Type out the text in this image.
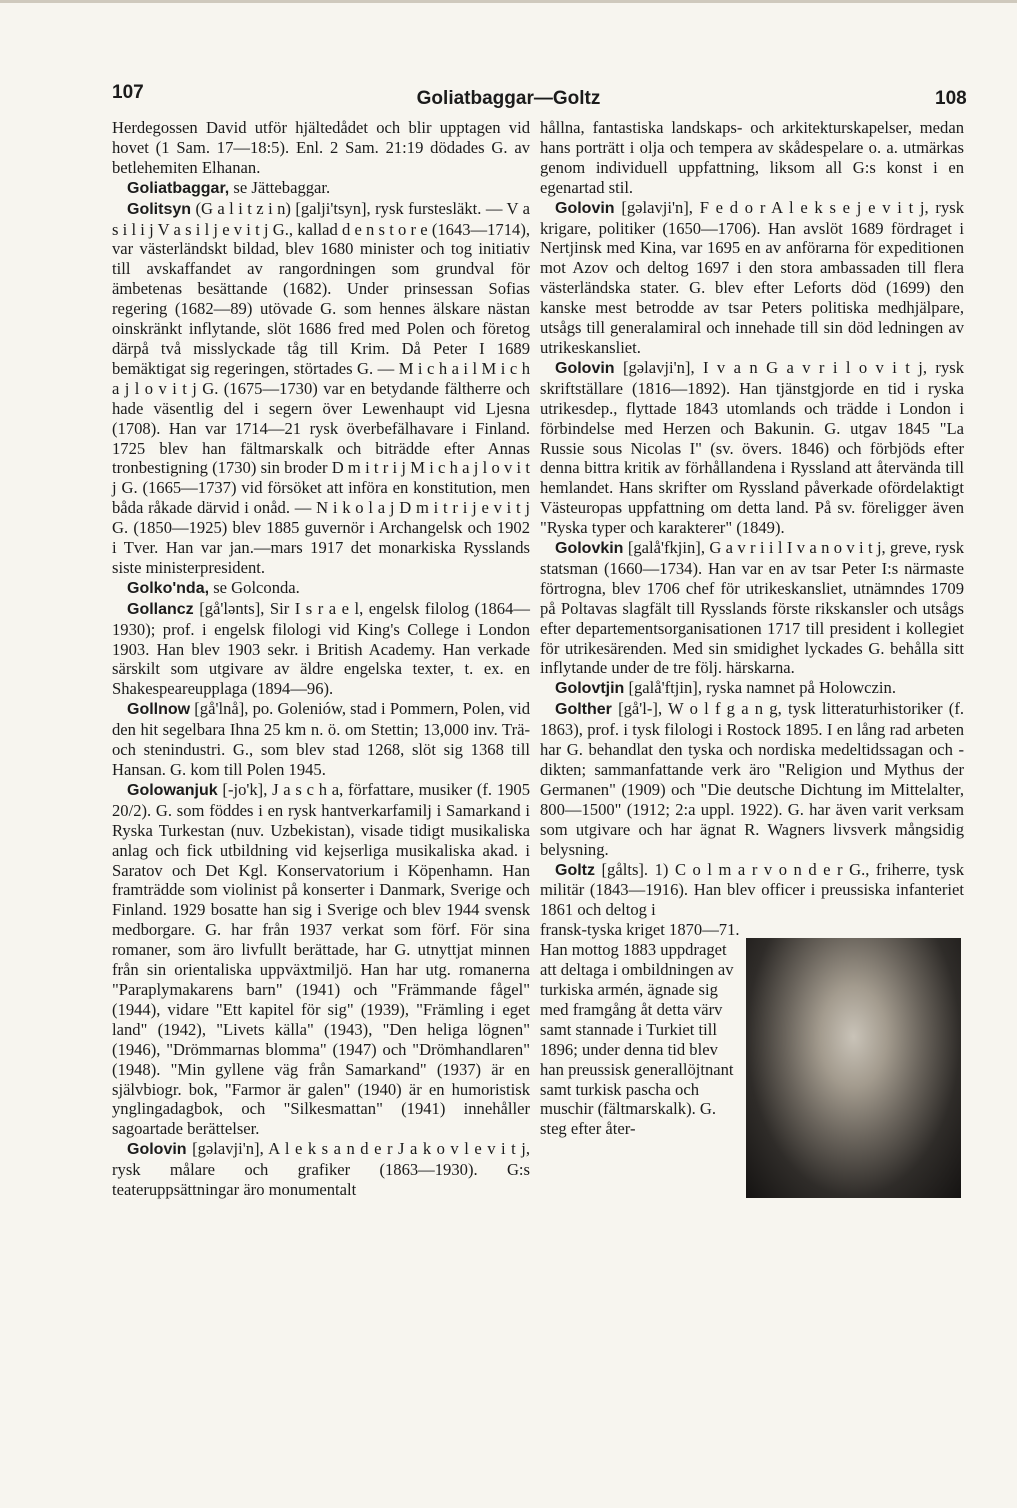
107	Goliatbaggar—Goltz	108

Herdegossen David utför hjältedådet och blir upptagen vid hovet (1 Sam. 17—18:5). Enl. 2 Sam. 21:19 dödades G. av betlehemiten Elhanan.

Goliatbaggar, se Jättebaggar.

Golitsyn (G a l i t z i n) [galji'tsyn], rysk furstesläkt. — V a s i l i j V a s i l j e v i t j G., kallad d e n s t o r e (1643—1714), var västerländskt bildad, blev 1680 minister och tog initiativ till avskaffandet av rangordningen som grundval för ämbetenas besättande (1682). Under prinsessan Sofias regering (1682—89) utövade G. som hennes älskare nästan oinskränkt inflytande, slöt 1686 fred med Polen och företog därpå två misslyckade tåg till Krim. Då Peter I 1689 bemäktigat sig regeringen, störtades G. — M i c h a i l M i c h a j l o v i t j G. (1675—1730) var en betydande fältherre och hade väsentlig del i segern över Lewenhaupt vid Ljesna (1708). Han var 1714—21 rysk överbefälhavare i Finland. 1725 blev han fältmarskalk och biträdde efter Annas tronbestigning (1730) sin broder D m i t r i j M i c h a j l o v i t j G. (1665—1737) vid försöket att införa en konstitution, men båda råkade därvid i onåd. — N i k o l a j D m i t r i j e v i t j G. (1850—1925) blev 1885 guvernör i Archangelsk och 1902 i Tver. Han var jan.—mars 1917 det monarkiska Rysslands siste ministerpresident.

Golko'nda, se Golconda.

Gollancz [gå'lənts], Sir I s r a e l, engelsk filolog (1864—1930); prof. i engelsk filologi vid King's College i London 1903. Han blev 1903 sekr. i British Academy. Han verkade särskilt som utgivare av äldre engelska texter, t. ex. en Shakespeareupplaga (1894—96).

Gollnow [gå'lnå], po. Goleniów, stad i Pommern, Polen, vid den hit segelbara Ihna 25 km n. ö. om Stettin; 13,000 inv. Trä- och stenindustri. G., som blev stad 1268, slöt sig 1368 till Hansan. G. kom till Polen 1945.

Golowanjuk [-jo'k], J a s c h a, författare, musiker (f. 1905 20/2). G. som föddes i en rysk hantverkarfamilj i Samarkand i Ryska Turkestan (nuv. Uzbekistan), visade tidigt musikaliska anlag och fick utbildning vid kejserliga musikaliska akad. i Saratov och Det Kgl. Konservatorium i Köpenhamn. Han framträdde som violinist på konserter i Danmark, Sverige och Finland. 1929 bosatte han sig i Sverige och blev 1944 svensk medborgare. G. har från 1937 verkat som förf. För sina romaner, som äro livfullt berättade, har G. utnyttjat minnen från sin orientaliska uppväxtmiljö. Han har utg. romanerna "Paraplymakarens barn" (1941) och "Främmande fågel" (1944), vidare "Ett kapitel för sig" (1939), "Främling i eget land" (1942), "Livets källa" (1943), "Den heliga lögnen" (1946), "Drömmarnas blomma" (1947) och "Drömhandlaren" (1948). "Min gyllene väg från Samarkand" (1937) är en självbiogr. bok, "Farmor är galen" (1940) är en humoristisk ynglingadagbok, och "Silkesmattan" (1941) innehåller sagoartade berättelser.

Golovin [gəlavji'n], A l e k s a n d e r J a k o v l e v i t j, rysk målare och grafiker (1863—1930). G:s teateruppsättningar äro monumentalt

hållna, fantastiska landskaps- och arkitekturskapelser, medan hans porträtt i olja och tempera av skådespelare o. a. utmärkas genom individuell uppfattning, liksom all G:s konst i en egenartad stil.

Golovin [gəlavji'n], F e d o r A l e k s e j e v i t j, rysk krigare, politiker (1650—1706). Han avslöt 1689 fördraget i Nertjinsk med Kina, var 1695 en av anförarna för expeditionen mot Azov och deltog 1697 i den stora ambassaden till flera västerländska stater. G. blev efter Leforts död (1699) den kanske mest betrodde av tsar Peters politiska medhjälpare, utsågs till generalamiral och innehade till sin död ledningen av utrikeskansliet.

Golovin [gəlavji'n], I v a n G a v r i l o v i t j, rysk skriftställare (1816—1892). Han tjänstgjorde en tid i ryska utrikesdep., flyttade 1843 utomlands och trädde i London i förbindelse med Herzen och Bakunin. G. utgav 1845 "La Russie sous Nicolas I" (sv. övers. 1846) och förbjöds efter denna bittra kritik av förhållandena i Ryssland att återvända till hemlandet. Hans skrifter om Ryssland påverkade ofördelaktigt Västeuropas uppfattning om detta land. På sv. föreligger även "Ryska typer och karakterer" (1849).

Golovkin [galå'fkjin], G a v r i i l I v a n o v i t j, greve, rysk statsman (1660—1734). Han var en av tsar Peter I:s närmaste förtrogna, blev 1706 chef för utrikeskansliet, utnämndes 1709 på Poltavas slagfält till Rysslands förste rikskansler och utsågs efter departementsorganisationen 1717 till president i kollegiet för utrikesärenden. Med sin smidighet lyckades G. behålla sitt inflytande under de tre följ. härskarna.

Golovtjin [galå'ftjin], ryska namnet på Holowczin.

Golther [gå'l-], W o l f g a n g, tysk litteraturhistoriker (f. 1863), prof. i tysk filologi i Rostock 1895. I en lång rad arbeten har G. behandlat den tyska och nordiska medeltidssagan och -dikten; sammanfattande verk äro "Religion und Mythus der Germanen" (1909) och "Die deutsche Dichtung im Mittelalter, 800—1500" (1912; 2:a uppl. 1922). G. har även varit verksam som utgivare och har ägnat R. Wagners livsverk mångsidig belysning.

Goltz [gålts]. 1) C o l m a r v o n d e r G., friherre, tysk militär (1843—1916). Han blev officer i preussiska infanteriet 1861 och deltog i

fransk-tyska kriget 1870—71. Han mottog 1883 uppdraget att deltaga i ombildningen av turkiska armén, ägnade sig med framgång åt detta värv samt stannade i Turkiet till 1896; under denna tid blev han preussisk generallöjtnant samt turkisk pascha och muschir (fältmarskalk). G. steg efter åter-
